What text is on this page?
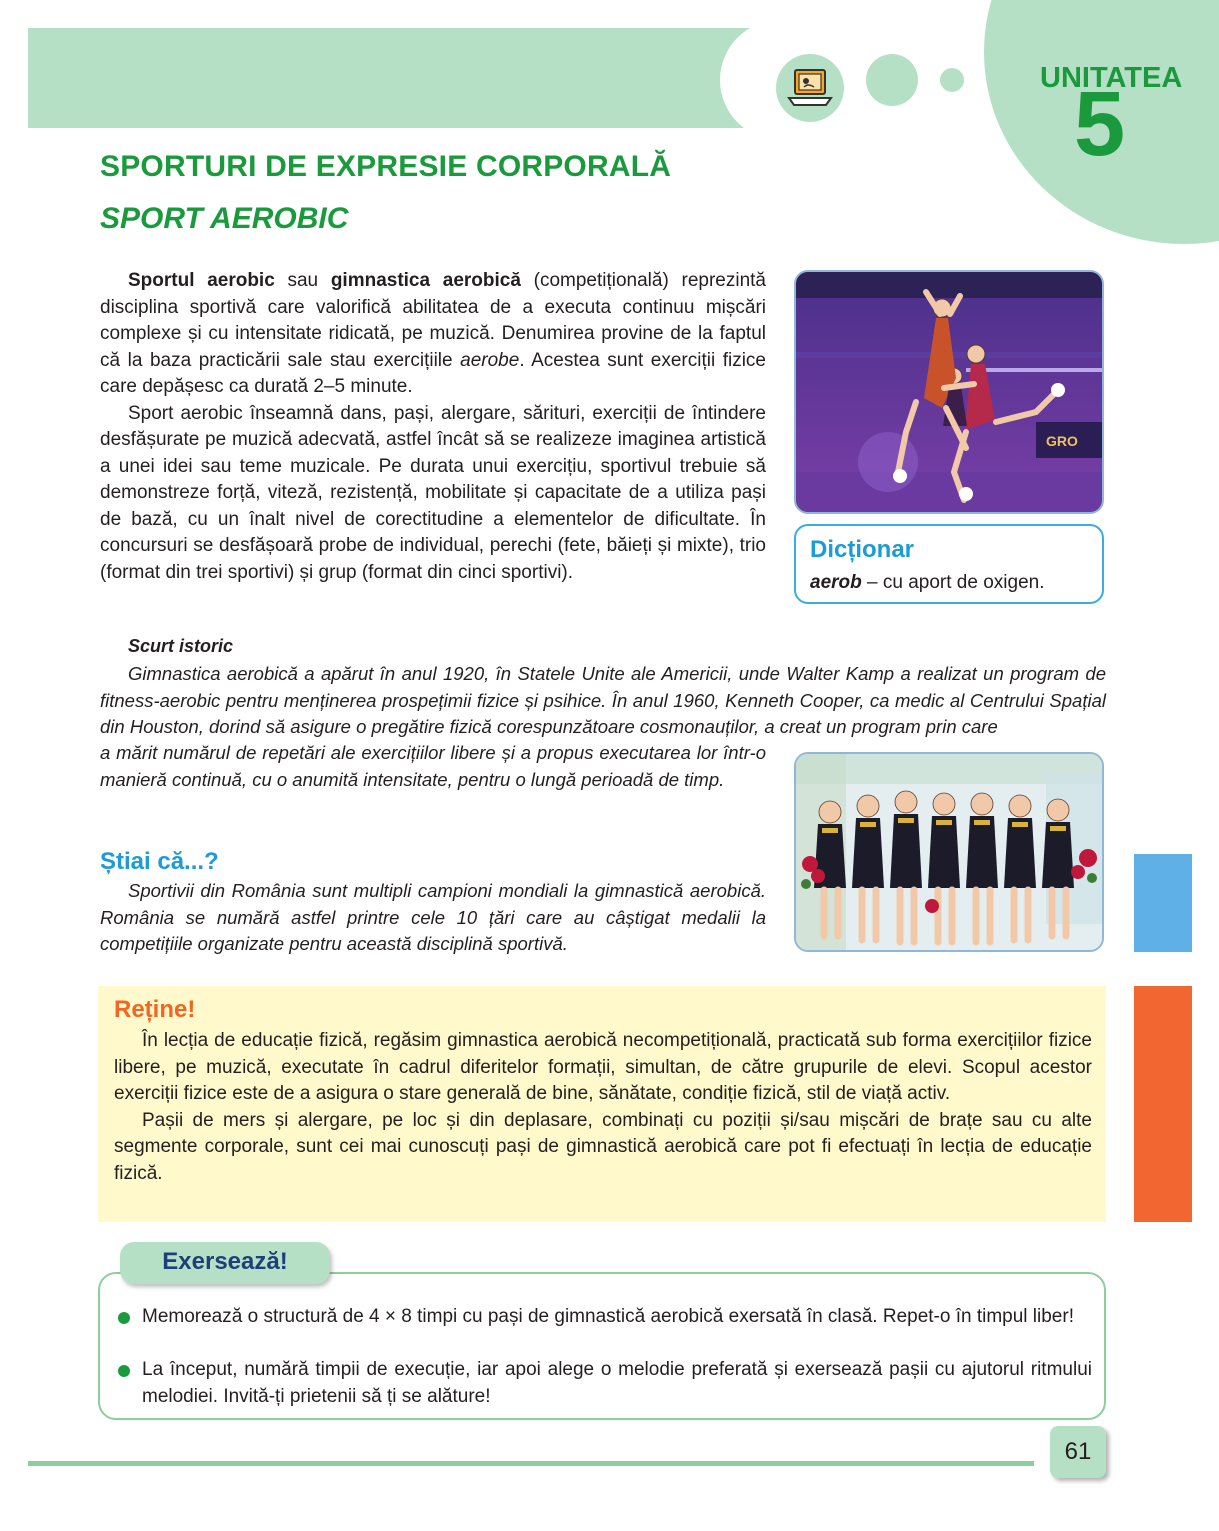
UNITATEA
5
SPORTURI DE EXPRESIE CORPORALĂ
SPORT AEROBIC

Sportul aerobic sau gimnastica aerobică (competițională) reprezintă disciplina sportivă care valorifică abilitatea de a executa continuu mișcări complexe și cu intensitate ridicată, pe muzică. Denumirea provine de la faptul că la baza practicării sale stau exercițiile aerobe. Acestea sunt exerciții fizice care depășesc ca durată 2–5 minute.

Sport aerobic înseamnă dans, pași, alergare, sărituri, exerciții de întindere desfășurate pe muzică adecvată, astfel încât să se realizeze imaginea artistică a unei idei sau teme muzicale. Pe durata unui exercițiu, sportivul trebuie să demonstreze forță, viteză, rezistență, mobilitate și capacitate de a utiliza pași de bază, cu un înalt nivel de corectitudine a elementelor de dificultate. În concursuri se desfășoară probe de individual, perechi (fete, băieți și mixte), trio (format din trei sportivi) și grup (format din cinci sportivi).

GRO
Dicționar
aerob – cu aport de oxigen.
Scurt istoric
Gimnastica aerobică a apărut în anul 1920, în Statele Unite ale Americii, unde Walter Kamp a realizat un program de fitness-aerobic pentru menținerea prospețimii fizice și psihice. În anul 1960, Kenneth Cooper, ca medic al Centrului Spațial din Houston, dorind să asigure o pregătire fizică corespunzătoare cosmonauților, a creat un program prin care
a mărit numărul de repetări ale exercițiilor libere și a propus executarea lor într-o manieră continuă, cu o anumită intensitate, pentru o lungă perioadă de timp.
Știai că...?
Sportivii din România sunt multipli campioni mondiali la gimnastică aerobică. România se numără astfel printre cele 10 țări care au câștigat medalii la competițiile organizate pentru această disciplină sportivă.
Reține!

În lecția de educație fizică, regăsim gimnastica aerobică necompetițională, practicată sub forma exercițiilor fizice libere, pe muzică, executate în cadrul diferitelor formații, simultan, de către grupurile de elevi. Scopul acestor exerciții fizice este de a asigura o stare generală de bine, sănătate, condiție fizică, stil de viață activ.

Pașii de mers și alergare, pe loc și din deplasare, combinați cu poziții și/sau mișcări de brațe sau cu alte segmente corporale, sunt cei mai cunoscuți pași de gimnastică aerobică care pot fi efectuați în lecția de educație fizică.

Memorează o structură de 4 × 8 timpi cu pași de gimnastică aerobică exersată în clasă. Repet-o în timpul liber!
La început, numără timpii de execuție, iar apoi alege o melodie preferată și exersează pașii cu ajutorul ritmului melodiei. Invită-ți prietenii să ți se alăture!
Exersează!
61
